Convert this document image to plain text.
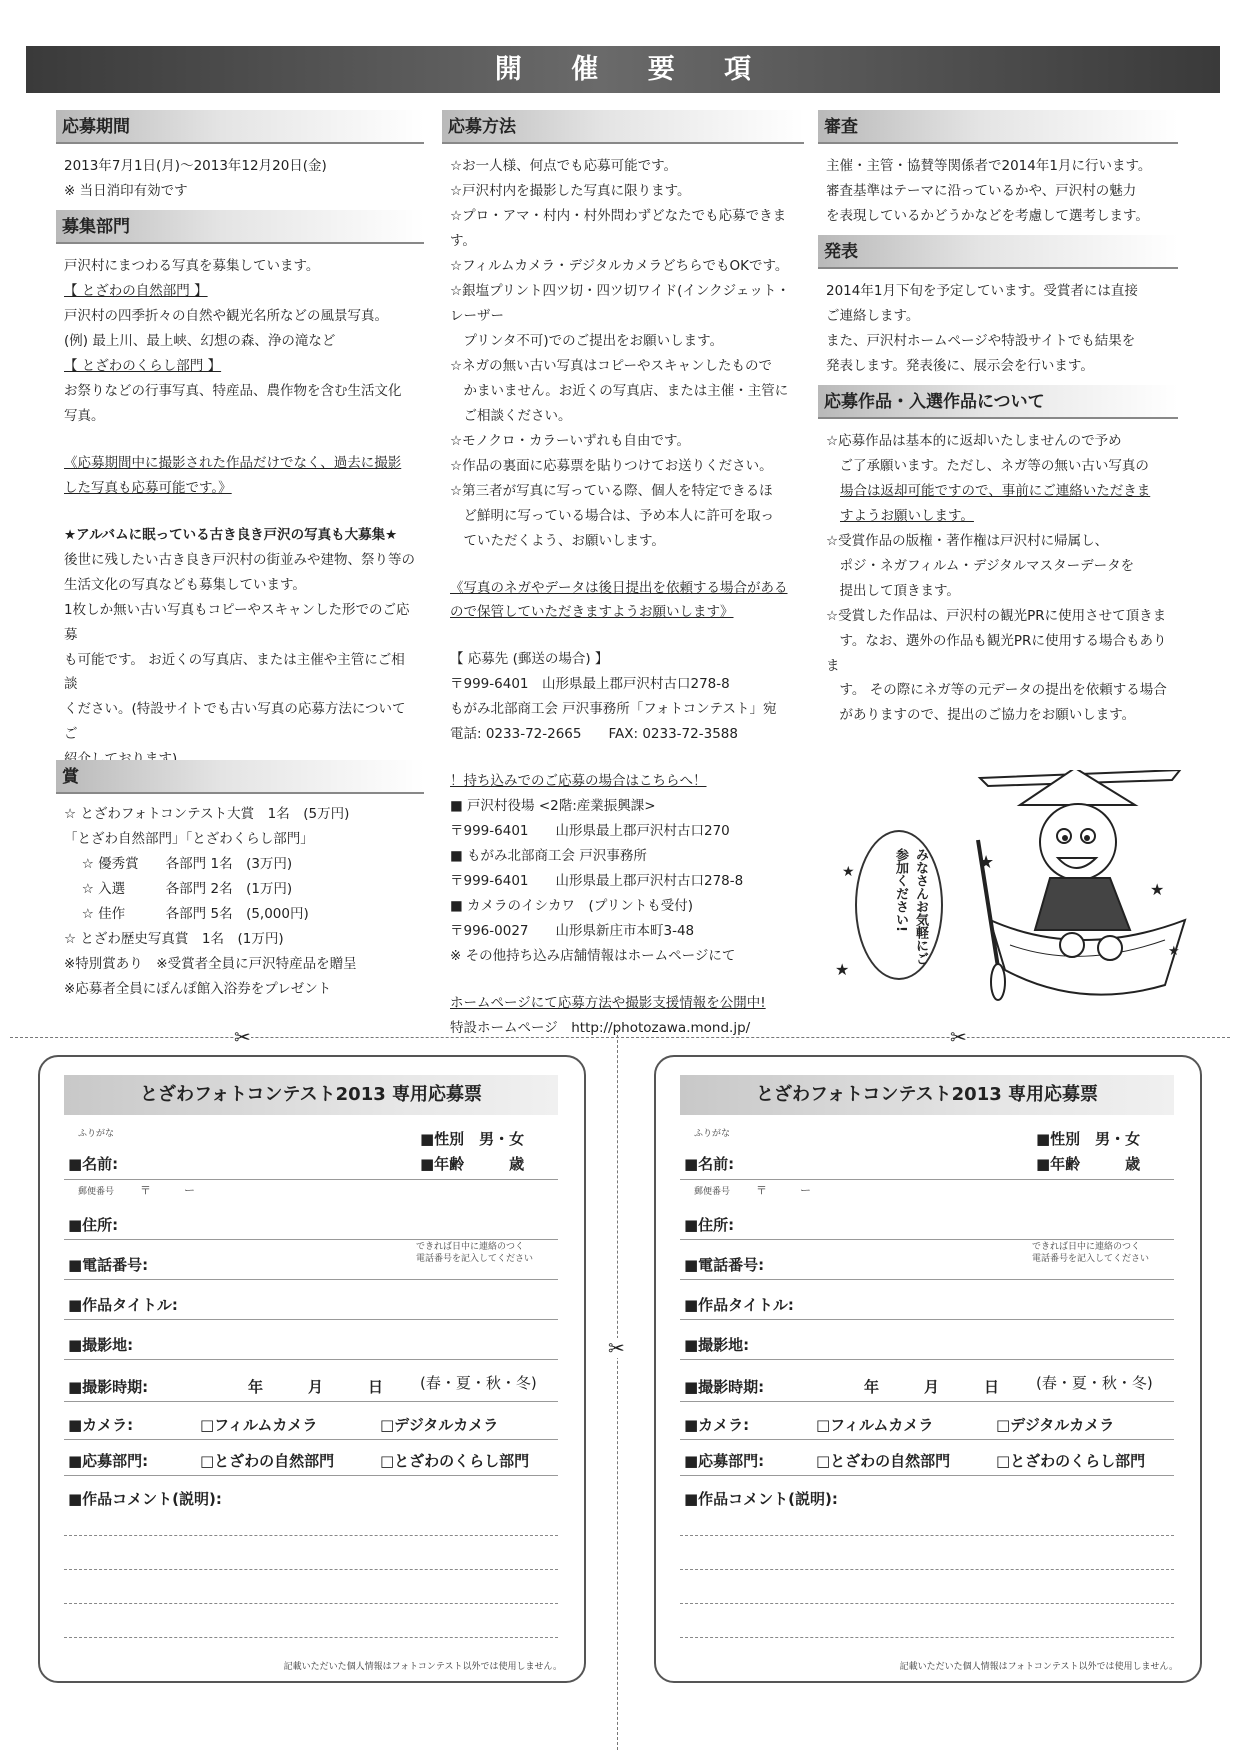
開 催 要 項
応募期間
2013年7月1日(月)～2013年12月20日(金)
※ 当日消印有効です
募集部門
戸沢村にまつわる写真を募集しています。
【 とざわの自然部門 】
戸沢村の四季折々の自然や観光名所などの風景写真。
(例) 最上川、最上峡、幻想の森、浄の滝など
【 とざわのくらし部門 】
お祭りなどの行事写真、特産品、農作物を含む生活文化
写真。
《応募期間中に撮影された作品だけでなく、過去に撮影
した写真も応募可能です。》
★アルバムに眠っている古き良き戸沢の写真も大募集★
後世に残したい古き良き戸沢村の街並みや建物、祭り等の
生活文化の写真なども募集しています。
1枚しか無い古い写真もコピーやスキャンした形でのご応募
も可能です。 お近くの写真店、または主催や主管にご相談
ください。(特設サイトでも古い写真の応募方法についてご
賞
☆ とざわフォトコンテスト大賞　1名　(5万円)
「とざわ自然部門」「とざわくらし部門」
　 ☆ 優秀賞　　各部門 1名　(3万円)
　 ☆ 入選　　　各部門 2名　(1万円)
　 ☆ 佳作　　　各部門 5名　(5,000円)
☆ とざわ歴史写真賞　1名　(1万円)
※特別賞あり　※受賞者全員に戸沢特産品を贈呈
※応募者全員にぽんぽ館入浴券をプレゼント
応募方法
☆お一人様、何点でも応募可能です。
☆戸沢村内を撮影した写真に限ります。
☆プロ・アマ・村内・村外問わずどなたでも応募できます。
☆フィルムカメラ・デジタルカメラどちらでもOKです。
☆銀塩プリント四ツ切・四ツ切ワイド(インクジェット・レーザー
　プリンタ不可)でのご提出をお願いします。
☆ネガの無い古い写真はコピーやスキャンしたもので
　かまいません。お近くの写真店、または主催・主管に
　ご相談ください。
☆モノクロ・カラーいずれも自由です。
☆作品の裏面に応募票を貼りつけてお送りください。
☆第三者が写真に写っている際、個人を特定できるほ
　ど鮮明に写っている場合は、予め本人に許可を取っ
　ていただくよう、お願いします。
《写真のネガやデータは後日提出を依頼する場合がある
ので保管していただきますようお願いします》
【 応募先 (郵送の場合) 】
〒999-6401　山形県最上郡戸沢村古口278-8
もがみ北部商工会 戸沢事務所「フォトコンテスト」宛
電話: 0233-72-2665　　FAX: 0233-72-3588
！持ち込みでのご応募の場合はこちらへ！
■ 戸沢村役場 <2階:産業振興課>
〒999-6401　　山形県最上郡戸沢村古口270
■ もがみ北部商工会 戸沢事務所
〒999-6401　　山形県最上郡戸沢村古口278-8
■ カメラのイシカワ　(プリントも受付)
〒996-0027　　山形県新庄市本町3-48
※ その他持ち込み店舗情報はホームページにて
ホームページにて応募方法や撮影支援情報を公開中!
特設ホームページ　http://photozawa.mond.jp/
審査
主催・主管・協賛等関係者で2014年1月に行います。
審査基準はテーマに沿っているかや、戸沢村の魅力
を表現しているかどうかなどを考慮して選考します。
発表
2014年1月下旬を予定しています。受賞者には直接
ご連絡します。
また、戸沢村ホームページや特設サイトでも結果を
発表します。発表後に、展示会を行います。
応募作品・入選作品について
☆応募作品は基本的に返却いたしませんので予め
　ご了承願います。ただし、ネガ等の無い古い写真の
場合は返却可能ですので、事前にご連絡いただきま
すようお願いします。
☆受賞作品の版権・著作権は戸沢村に帰属し、
　ポジ・ネガフィルム・デジタルマスターデータを
　提出して頂きます。
☆受賞した作品は、戸沢村の観光PRに使用させて頂きま
　す。なお、選外の作品も観光PRに使用する場合もありま
　す。 その際にネガ等の元データの提出を依頼する場合
　がありますので、提出のご協力をお願いします。
みなさんお気軽にご参加ください!
★	★
★
★
★
✂	✂
✂
とざわフォトコンテスト2013 専用応募票
ふりがな	■性別　男・女
■名前:	■年齢　　　歳
郵便番号 〒　　　ー
■住所:
できれば日中に連絡のつく
電話番号を記入してください
■電話番号:
■作品タイトル:
■撮影地:
■撮影時期:	年　　　月　　　日 (春・夏・秋・冬)
■カメラ:	□フィルムカメラ	□デジタルカメラ
■応募部門:	□とざわの自然部門	□とざわのくらし部門
■作品コメント(説明):
記載いただいた個人情報はフォトコンテスト以外では使用しません。
とざわフォトコンテスト2013 専用応募票
ふりがな	■性別　男・女
■名前:	■年齢　　　歳
郵便番号 〒　　　ー
■住所:
できれば日中に連絡のつく
電話番号を記入してください
■電話番号:
■作品タイトル:
■撮影地:
■撮影時期:	年　　　月　　　日 (春・夏・秋・冬)
■カメラ:	□フィルムカメラ	□デジタルカメラ
■応募部門:	□とざわの自然部門	□とざわのくらし部門
■作品コメント(説明):
記載いただいた個人情報はフォトコンテスト以外では使用しません。
